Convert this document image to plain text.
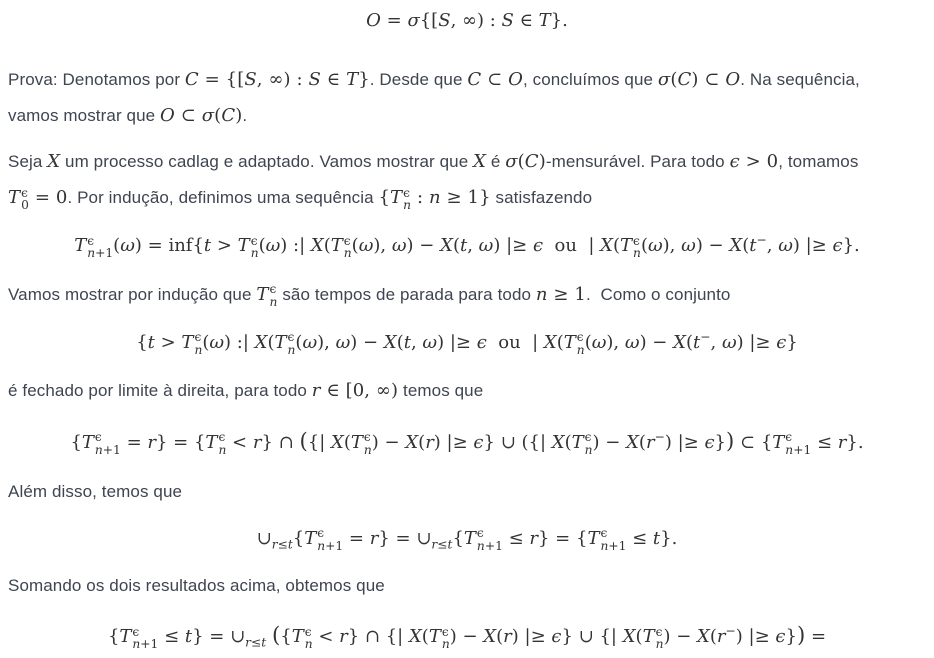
O = σ{[S, ∞) : S ∈ T}.

Prova: Denotamos por C = {[S, ∞) : S ∈ T}. Desde que C ⊂ O, concluímos que σ(C) ⊂ O. Na sequência,
vamos mostrar que O ⊂ σ(C).

Seja X um processo cadlag e adaptado. Vamos mostrar que X é σ(C)-mensurável. Para todo ϵ > 0, tomamos
T ϵ
0 = 0. Por indução, definimos uma sequência {T ϵ
n : n ≥ 1} satisfazendo

T ϵ
n+1 (ω) = inf{t > T ϵ
n (ω) :| X(T ϵ
n (ω), ω) − X(t, ω) |≥ ϵ  ou  | X(T ϵ
n (ω), ω) − X(t−, ω) |≥ ϵ}.

Vamos mostrar por indução que T ϵ
n são tempos de parada para todo n ≥ 1.  Como o conjunto

{t > T ϵ
n (ω) :| X(T ϵ
n (ω), ω) − X(t, ω) |≥ ϵ  ou  | X(T ϵ
n (ω), ω) − X(t−, ω) |≥ ϵ}

é fechado por limite à direita, para todo r ∈ [0, ∞) temos que

{T ϵ
n+1 = r} = {T ϵ
n < r} ∩ ({| X(T ϵ
n ) − X(r) |≥ ϵ} ∪ ({| X(T ϵ
n ) − X(r−) |≥ ϵ}) ⊂ {T ϵ
n+1 ≤ r}.

Além disso, temos que

$\cup_{r\le t}\{T$ ϵ
$n+1 = r\} = \cup_{r\le t}\{T$ ϵ
n+1 ≤ r} = {T ϵ
n+1 ≤ t}.

Somando os dois resultados acima, obtemos que

{T ϵ
$n+1 \le t\} = \cup_{r\le t}$ ({T ϵ
n < r} ∩ {| X(T ϵ
n ) − X(r) |≥ ϵ} ∪ {| X(T ϵ
n ) − X(r−) |≥ ϵ}) =
